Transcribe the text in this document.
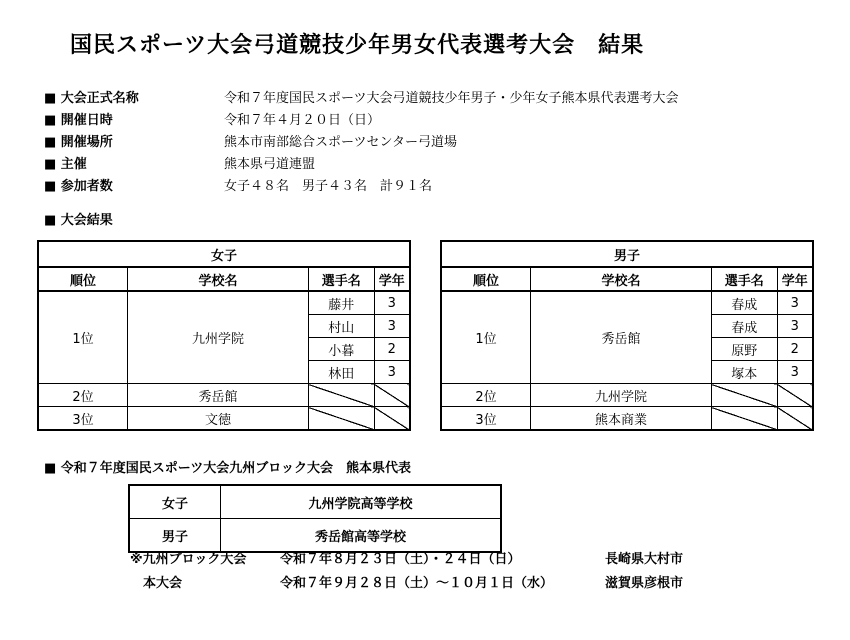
国民スポーツ大会弓道競技少年男女代表選考大会　結果
■ 大会正式名称	令和７年度国民スポーツ大会弓道競技少年男子・少年女子熊本県代表選考大会
■ 開催日時	令和７年４月２０日（日）
■ 開催場所	熊本市南部総合スポーツセンター弓道場
■ 主催	熊本県弓道連盟
■ 参加者数	女子４８名　男子４３名　計９１名
■ 大会結果
女子			
順位	学校名	選手名	学年
1位	九州学院	藤井	3
		村山	3
		小暮	2
		林田	3
2位	秀岳館		
3位	文徳		
男子			
順位	学校名	選手名	学年
1位	秀岳館	春成	3
		春成	3
		原野	2
		塚本	3
2位	九州学院		
3位	熊本商業		
■ 令和７年度国民スポーツ大会九州ブロック大会　熊本県代表
女子	九州学院高等学校
男子	秀岳館高等学校
※九州ブロック大会	令和７年８月２３日（土）・２４日（日）	長崎県大村市
　本大会	令和７年９月２８日（土）～１０月１日（水）	滋賀県彦根市
